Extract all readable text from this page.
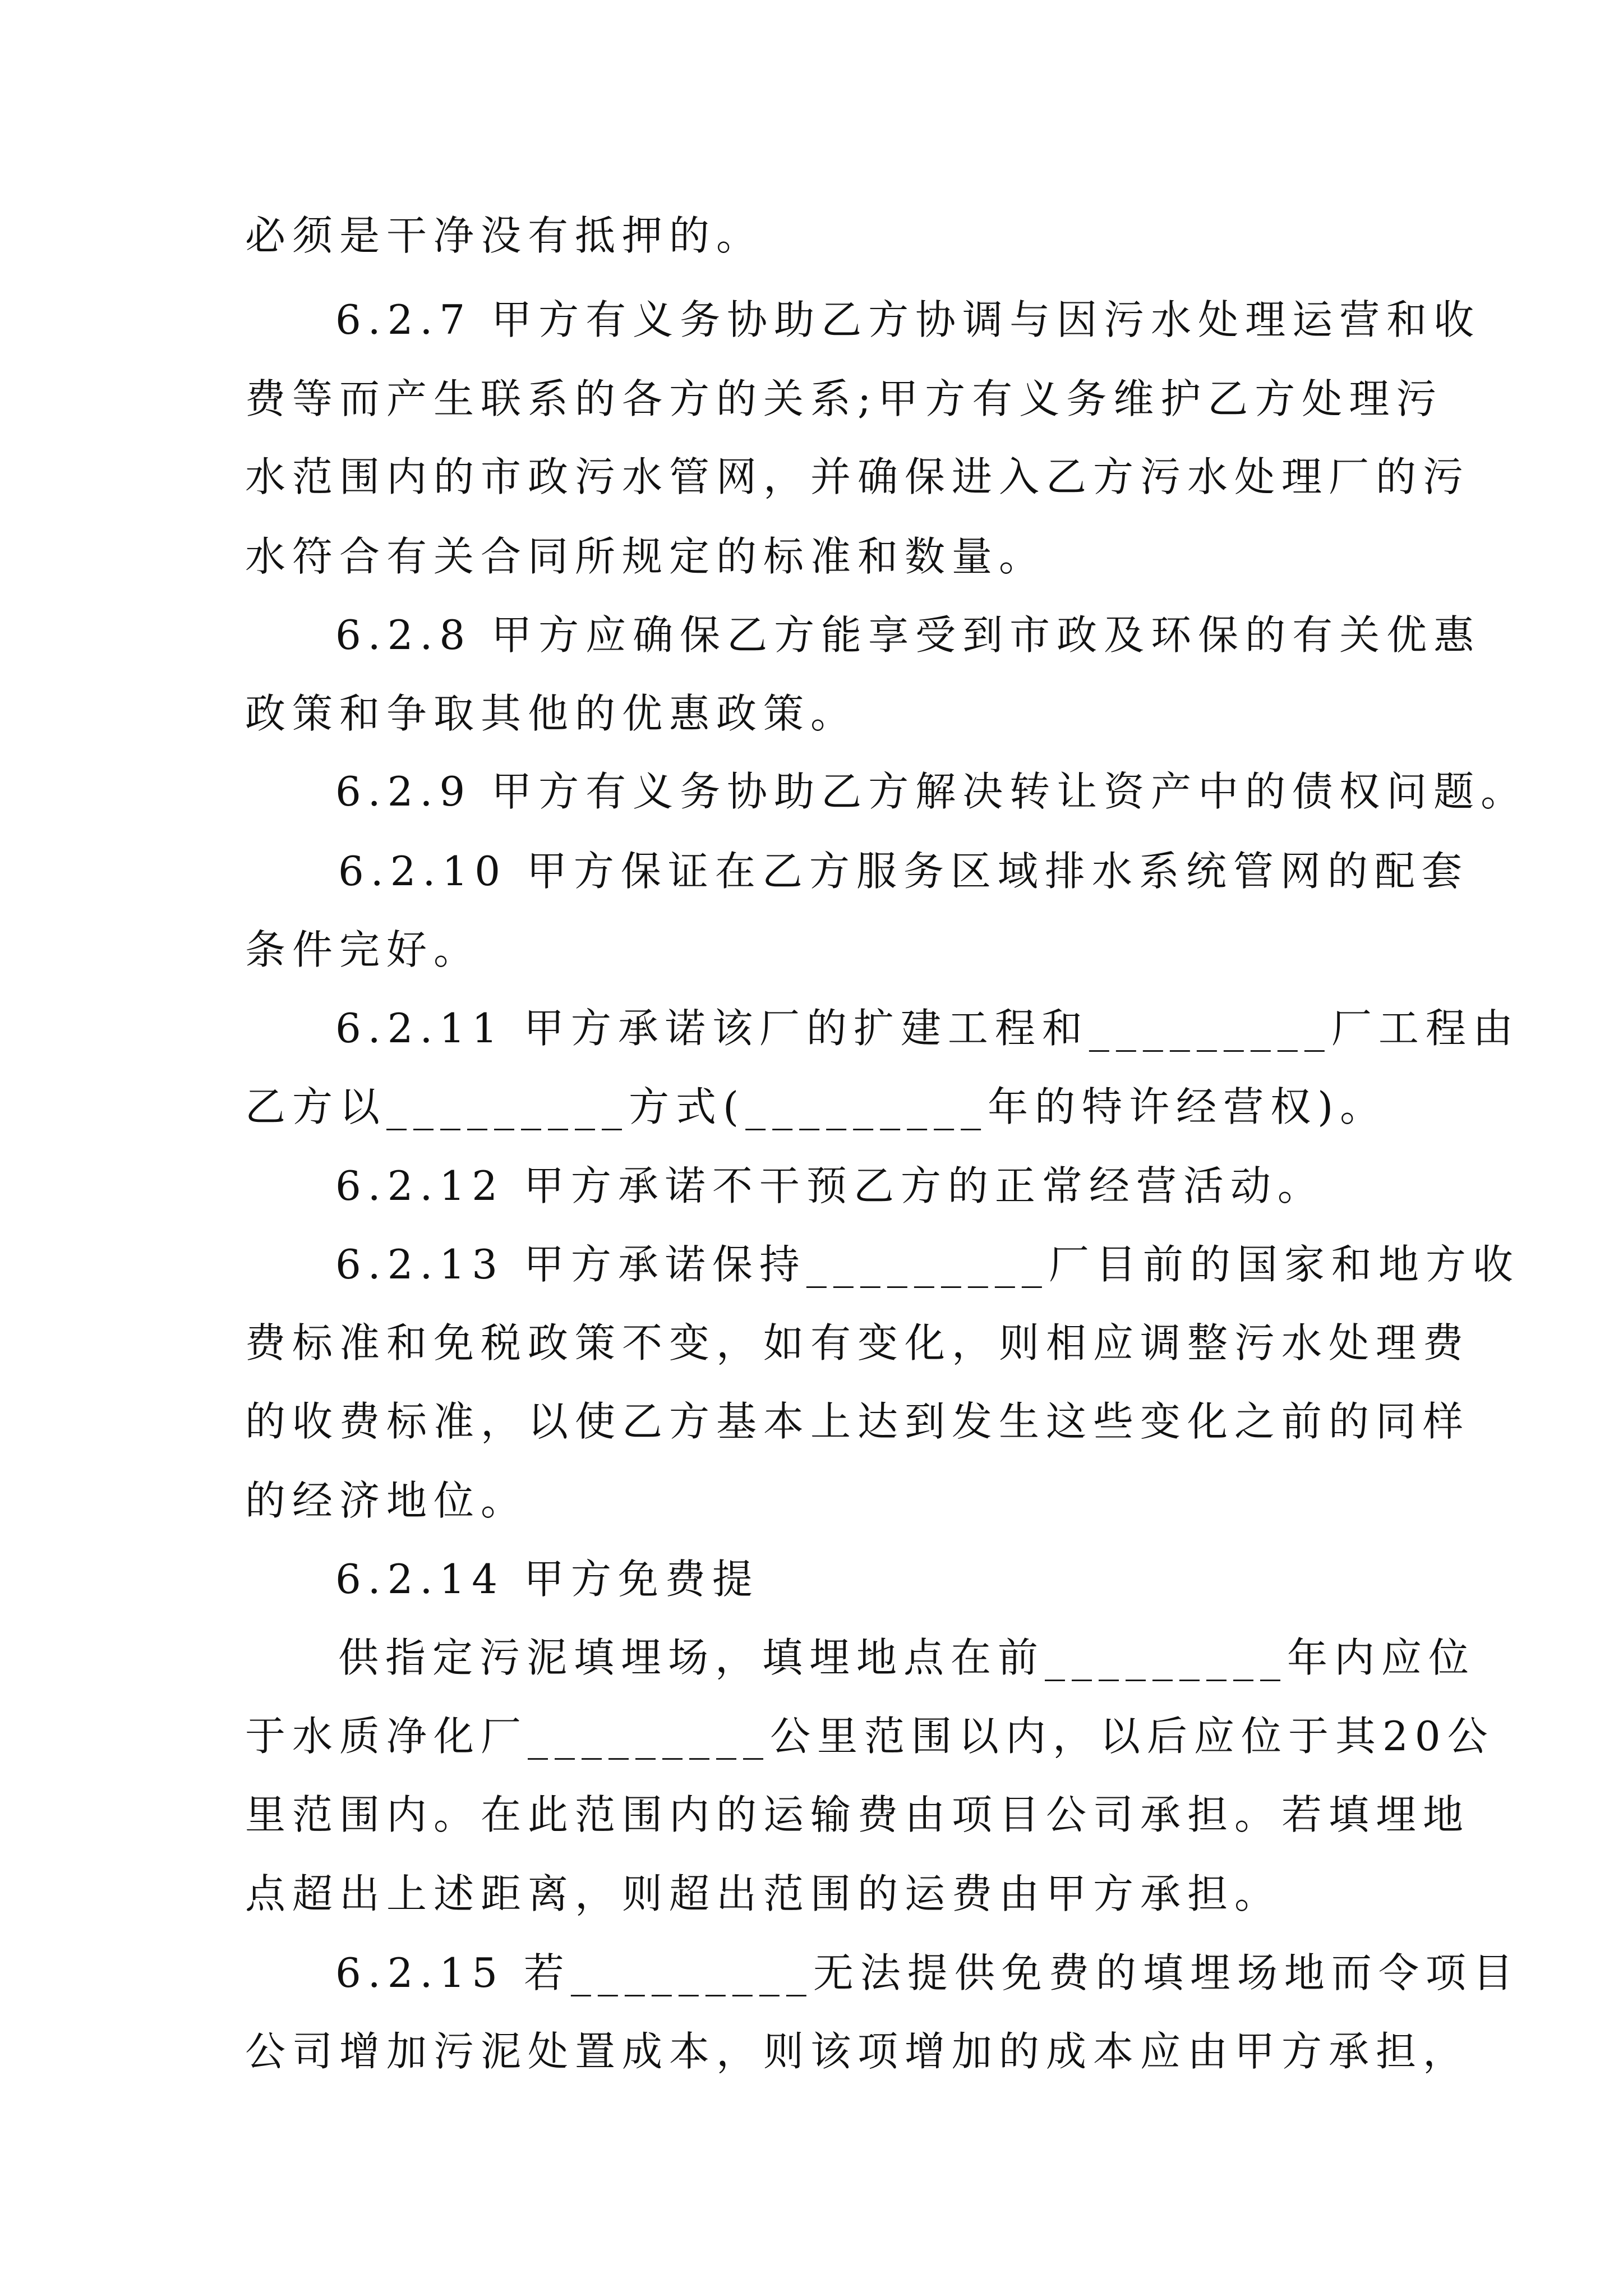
必须是干净没有抵押的。
6.2.7 甲方有义务协助乙方协调与因污水处理运营和收
费等而产生联系的各方的关系;甲方有义务维护乙方处理污
水范围内的市政污水管网，并确保进入乙方污水处理厂的污
水符合有关合同所规定的标准和数量。
6.2.8 甲方应确保乙方能享受到市政及环保的有关优惠
政策和争取其他的优惠政策。
6.2.9 甲方有义务协助乙方解决转让资产中的债权问题。
6.2.10 甲方保证在乙方服务区域排水系统管网的配套
条件完好。
6.2.11 甲方承诺该厂的扩建工程和_________厂工程由
乙方以_________方式(_________年的特许经营权)。
6.2.12 甲方承诺不干预乙方的正常经营活动。
6.2.13 甲方承诺保持_________厂目前的国家和地方收
费标准和免税政策不变，如有变化，则相应调整污水处理费
的收费标准，以使乙方基本上达到发生这些变化之前的同样
的经济地位。
6.2.14 甲方免费提
供指定污泥填埋场，填埋地点在前_________年内应位
于水质净化厂_________公里范围以内，以后应位于其20公
里范围内。在此范围内的运输费由项目公司承担。若填埋地
点超出上述距离，则超出范围的运费由甲方承担。
6.2.15 若_________无法提供免费的填埋场地而令项目
公司增加污泥处置成本，则该项增加的成本应由甲方承担，
